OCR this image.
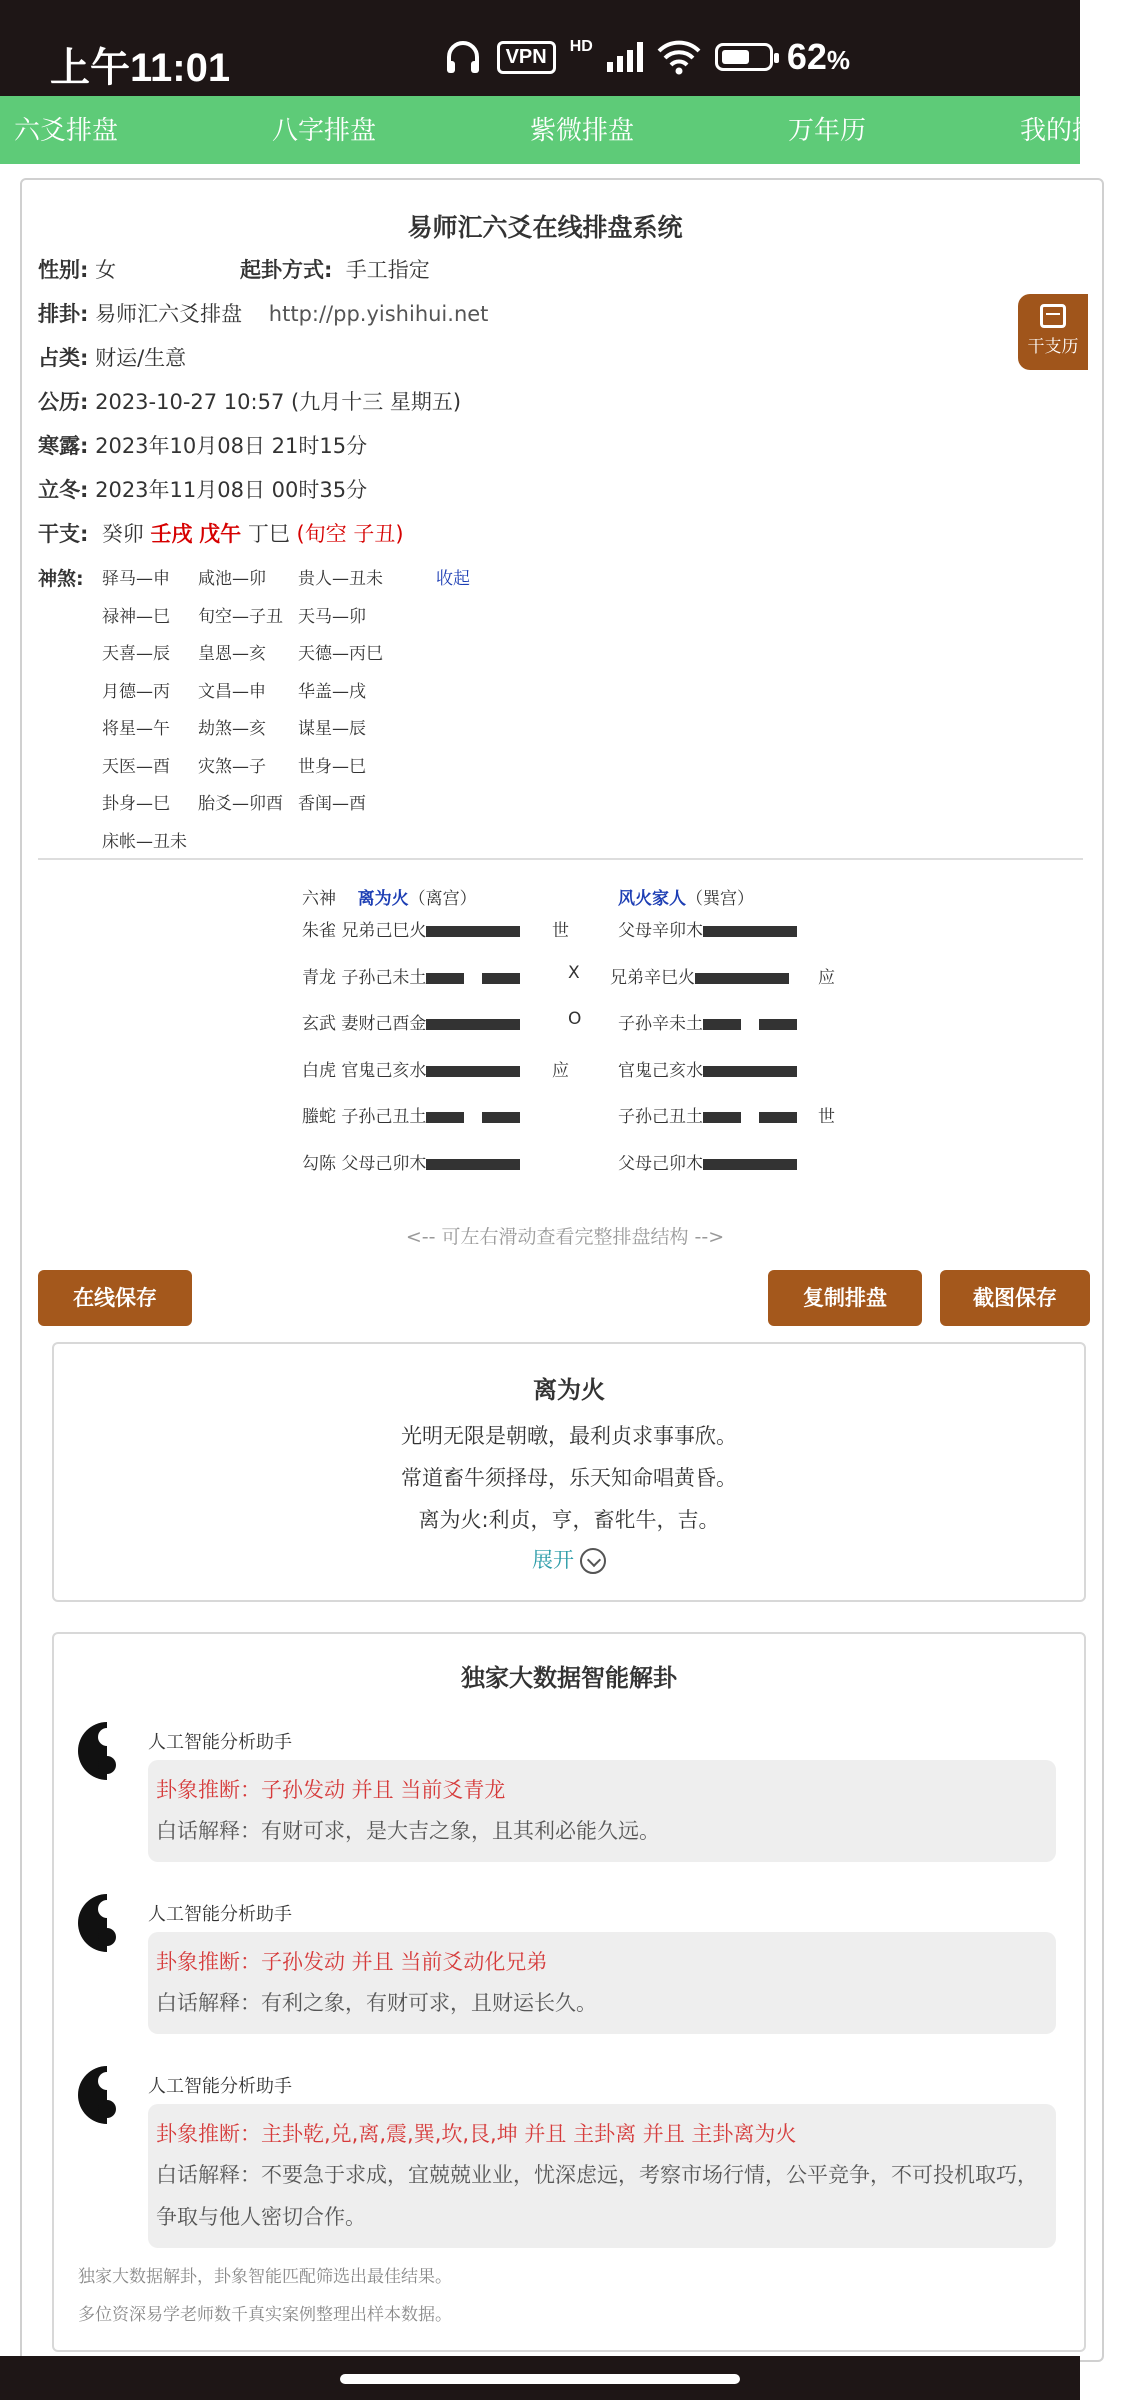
上午11:01	VPN	HD	62%
六爻排盘	八字排盘	紫微排盘	万年历	我的排
易师汇六爻在线排盘系统
干支历
性别: 女	起卦方式: 手工指定
排卦: 易师汇六爻排盘 http://pp.yishihui.net
占类: 财运/生意
公历: 2023-10-27 10:57 (九月十三 星期五)
寒露: 2023年10月08日 21时15分
立冬: 2023年11月08日 00时35分
干支: 癸卯 壬戌 戊午 丁巳 (旬空 子丑)
神煞: 驿马—申 咸池—卯 贵人—丑未
禄神—巳 旬空—子丑 天马—卯
天喜—辰 皇恩—亥 天德—丙巳
月德—丙 文昌—申 华盖—戌
将星—午 劫煞—亥 谋星—辰
天医—酉 灾煞—子 世身—巳
卦身—巳 胎爻—卯酉 香闺—酉
床帐—丑未
收起
六神 离为火（离宫）	风火家人（巽宫）
朱雀 兄弟己巳火	世	父母辛卯木
青龙 子孙己未土	X 兄弟辛巳火	应
玄武 妻财己酉金	O 子孙辛未土
白虎 官鬼己亥水	应	官鬼己亥水
螣蛇 子孙己丑土	子孙己丑土	世
勾陈 父母己卯木	父母己卯木
<-- 可左右滑动查看完整排盘结构 -->
在线保存	复制排盘	截图保存
离为火
光明无限是朝暾，最利贞求事事欣。
常道畜牛须择母，乐天知命唱黄昏。
离为火:利贞，亨，畜牝牛，吉。
展开
独家大数据智能解卦
人工智能分析助手
卦象推断：子孙发动 并且 当前爻青龙
白话解释：有财可求，是大吉之象，且其利必能久远。
人工智能分析助手
卦象推断：子孙发动 并且 当前爻动化兄弟
白话解释：有利之象，有财可求，且财运长久。
人工智能分析助手
卦象推断：主卦乾,兑,离,震,巽,坎,艮,坤 并且 主卦离 并且 主卦离为火
白话解释：不要急于求成，宜兢兢业业，忧深虑远，考察市场行情，公平竞争，不可投机取巧，争取与他人密切合作。
独家大数据解卦，卦象智能匹配筛选出最佳结果。
多位资深易学老师数千真实案例整理出样本数据。
